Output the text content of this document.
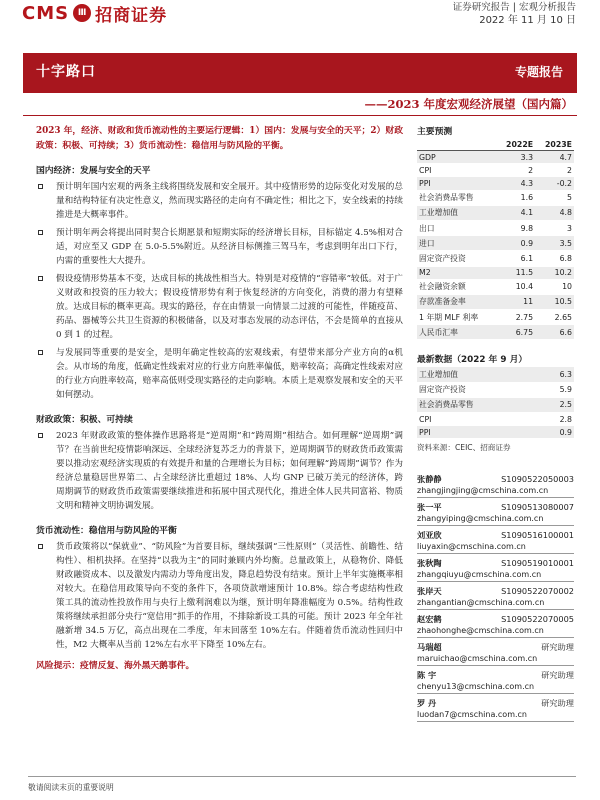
CMS Ⅲ 招商证券	证券研究报告 | 宏观分析报告
2022 年 11 月 10 日
十字路口	专题报告
——2023 年度宏观经济展望（国内篇）
2023 年，经济、财政和货币流动性的主要运行逻辑：1）国内：发展与安全的天平；2）财政政策：积极、可持续；3）货币流动性：稳信用与防风险的平衡。
国内经济：发展与安全的天平
预计明年国内宏观的两条主线将围绕发展和安全展开。其中疫情形势的边际变化对发展的总量和结构特征有决定性意义，然而现实路径的走向有不确定性；相比之下，安全线索的持续推进是大概率事件。
预计明年两会将提出同时契合长期愿景和短期实际的经济增长目标，目标锚定 4.5%相对合适，对应至又 GDP 在 5.0-5.5%附近。从经济目标侧推三驾马车，考虑到明年出口下行，内需的重要性大大提升。
假设疫情形势基本不变，达成目标的挑战性相当大。特别是对疫情的“容错率”较低。对于广义财政和投资的压力较大；假设疫情形势有利于恢复经济的方向变化，消费的潜力有望释放。达成目标的概率更高。现实的路径，存在由情景一向情景二过渡的可能性，伴随疫苗、药品、器械等公共卫生资源的积极储备，以及对事态发展的动态评估，不会是简单的直接从 0 到 1 的过程。
与发展同等重要的是安全，是明年确定性较高的宏观线索，有望带来部分产业方向的α机会。从市场的角度，低确定性线索对应的行业方向胜率偏低，赔率较高；高确定性线索对应的行业方向胜率较高，赔率高低则受现实路径的走向影响。本质上是观察发展和安全的天平如何摆动。
财政政策：积极、可持续
2023 年财政政策的整体操作思路将是“逆周期”和“跨周期”相结合。如何理解“逆周期”调节？在当前世纪疫情影响深远、全球经济复苏乏力的背景下，逆周期调节的财政货币政策需要以推动宏观经济实现质的有效提升和量的合理增长为目标；如何理解“跨周期”调节？作为经济总量稳居世界第二、占全球经济比重超过 18%、人均 GNP 已破万美元的经济体，跨周期调节的财政货币政策需要继续推进和拓展中国式现代化，推进全体人民共同富裕、物质文明和精神文明协调发展。
货币流动性：稳信用与防风险的平衡
货币政策将以“保就业”、“防风险”为首要目标，继续强调“三性原则”（灵活性、前瞻性、结构性）、相机抉择。在坚持“以我为主”的同时兼顾内外均衡。总量政策上，从稳物价、降低财政融资成本、以及激发内需动力等角度出发，降息趋势没有结束。预计上半年实施概率相对较大。在稳信用政策导向不变的条件下，各项贷款增速预计 10.8%。综合考虑结构性政策工具的流动性投放作用与央行上缴利润难以为继，预计明年降准幅度为 0.5%。结构性政策将继续承担部分央行“宽信用”抓手的作用，不排除新设工具的可能。预计 2023 年全年社融新增 34.5 万亿，高点出现在二季度，年末回落至 10%左右。伴随着货币流动性回归中性，M2 大概率从当前 12%左右水平下降至 10%左右。
风险提示：疫情反复、海外黑天鹅事件。
主要预测
	2022E	2023E
GDP	3.3	4.7
CPI	2	2
PPI	4.3	-0.2
社会消费品零售	1.6	5
工业增加值	4.1	4.8
出口	9.8	3
进口	0.9	3.5
固定资产投资	6.1	6.8
M2	11.5	10.2
社会融资余额	10.4	10
存款准备金率	11	10.5
1 年期 MLF 利率	2.75	2.65
人民币汇率	6.75	6.6
最新数据（2022 年 9 月）
工业增加值	6.3
固定资产投资	5.9
社会消费品零售	2.5
CPI	2.8
PPI	0.9
资料来源：CEIC、招商证券
张静静	S1090522050003
zhangjingjing@cmschina.com.cn
张一平	S1090513080007
zhangyiping@cmschina.com.cn
刘亚欣	S1090516100001
liuyaxin@cmschina.com.cn
张秋陶	S1090519010001
zhangqiuyu@cmschina.com.cn
张岸天	S1090522070002
zhangantian@cmschina.com.cn
赵宏鹤	S1090522070005
zhaohonghe@cmschina.com.cn
马瑞超	研究助理
maruichao@cmschina.com.cn
陈 宇	研究助理
chenyu13@cmschina.com.cn
罗 丹	研究助理
luodan7@cmschina.com.cn
敬请阅读末页的重要说明
